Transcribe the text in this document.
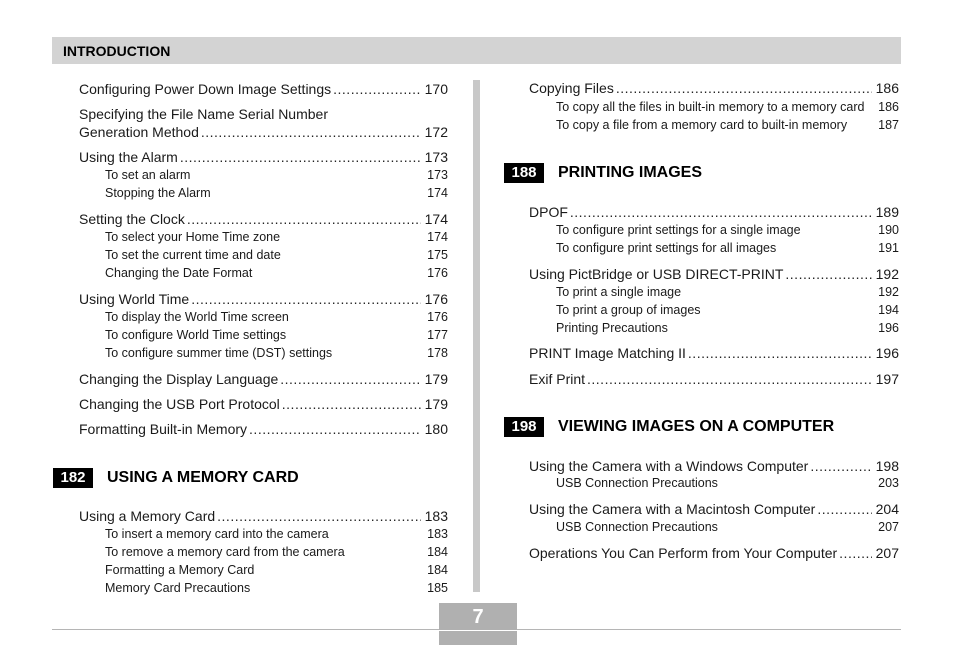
INTRODUCTION
Configuring Power Down Image Settings .....	170
Specifying the File Name Serial Number
Generation Method .....	172
Using the Alarm .....	173
To set an alarm	173
Stopping the Alarm	174
Setting the Clock .....	174
To select your Home Time zone	174
To set the current time and date	175
Changing the Date Format	176
Using World Time .....	176
To display the World Time screen	176
To configure World Time settings	177
To configure summer time (DST) settings	178
Changing the Display Language .....	179
Changing the USB Port Protocol .....	179
Formatting Built-in Memory .....	180
182	USING A MEMORY CARD
Using a Memory Card .....	183
To insert a memory card into the camera	183
To remove a memory card from the camera	184
Formatting a Memory Card	184
Memory Card Precautions	185
Copying Files .....	186
To copy all the files in built-in memory to a memory card 186
To copy a file from a memory card to built-in memory 187
188	PRINTING IMAGES
DPOF .....	189
To configure print settings for a single image	190
To configure print settings for all images	191
Using PictBridge or USB DIRECT-PRINT .....	192
To print a single image	192
To print a group of images	194
Printing Precautions	196
PRINT Image Matching II .....	196
Exif Print .....	197
198	VIEWING IMAGES ON A COMPUTER
Using the Camera with a Windows Computer .....	198
USB Connection Precautions	203
Using the Camera with a Macintosh Computer .....	204
USB Connection Precautions	207
Operations You Can Perform from Your Computer .....	207
7
